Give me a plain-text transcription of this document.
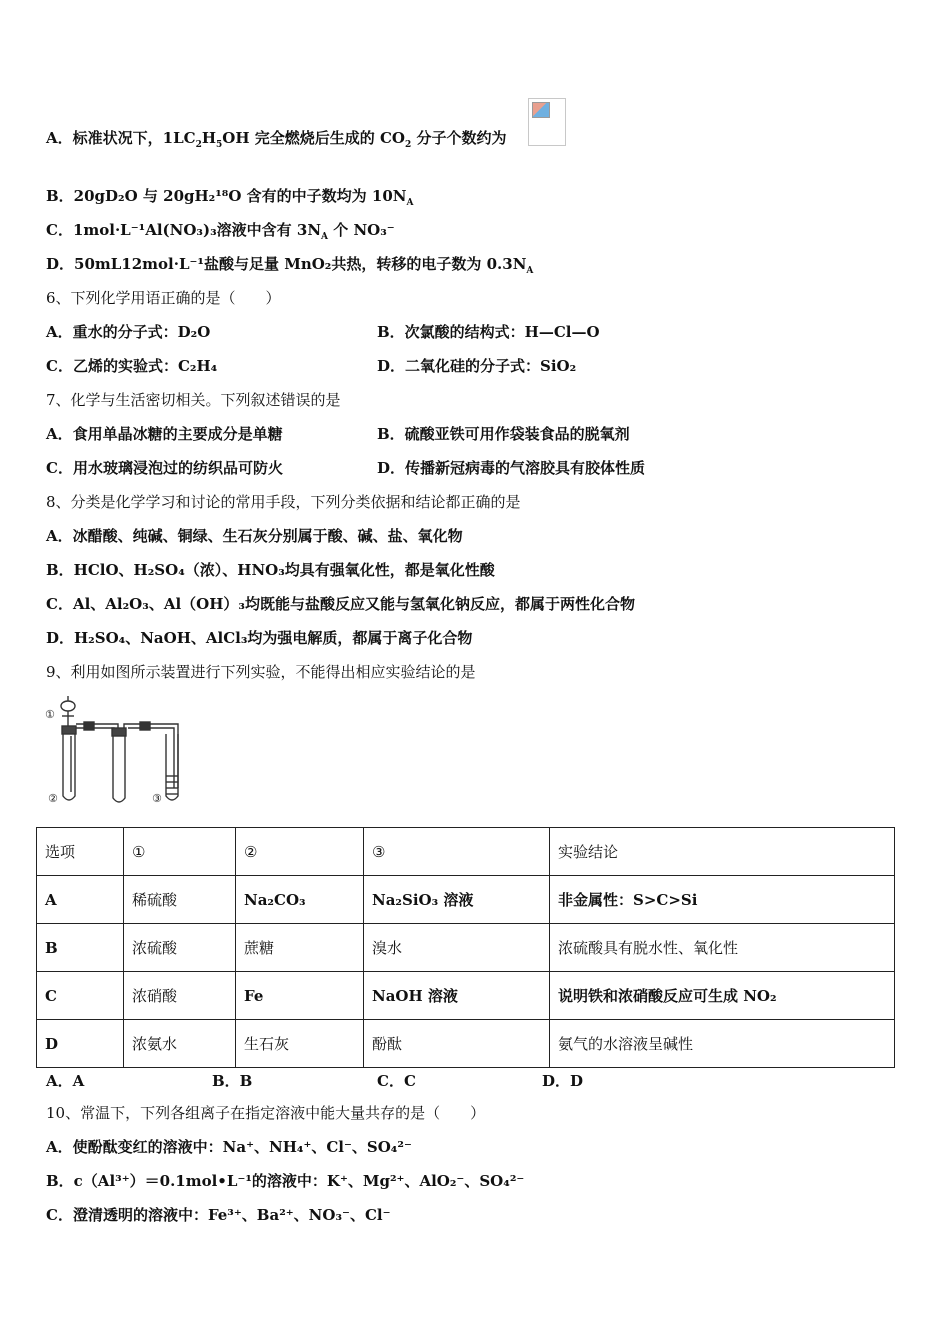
A．标准状况下，$1LC_2H_5OH$ 完全燃烧后生成的 $CO_2$ 分子个数约为
B．20gD₂O 与 20gH₂¹⁸O 含有的中子数均为 $10N_A$
C．1mol·L⁻¹Al(NO₃)₃溶液中含有 $3N_A$ 个 NO₃⁻
D．50mL12mol·L⁻¹盐酸与足量 MnO₂共热，转移的电子数为 $0.3N_A$
6、下列化学用语正确的是（　　）
A．重水的分子式：D₂O	B．次氯酸的结构式：H—Cl—O
C．乙烯的实验式：C₂H₄	D．二氧化硅的分子式：SiO₂
7、化学与生活密切相关。下列叙述错误的是
A．食用单晶冰糖的主要成分是单糖	B．硫酸亚铁可用作袋装食品的脱氧剂
C．用水玻璃浸泡过的纺织品可防火	D．传播新冠病毒的气溶胶具有胶体性质
8、分类是化学学习和讨论的常用手段，下列分类依据和结论都正确的是
A．冰醋酸、纯碱、铜绿、生石灰分别属于酸、碱、盐、氧化物
B．HClO、H₂SO₄（浓）、HNO₃均具有强氧化性，都是氧化性酸
C．Al、Al₂O₃、Al（OH）₃均既能与盐酸反应又能与氢氧化钠反应，都属于两性化合物
D．H₂SO₄、NaOH、AlCl₃均为强电解质，都属于离子化合物
9、利用如图所示装置进行下列实验，不能得出相应实验结论的是
①
②	③
选项	①	②	③	实验结论
A	稀硫酸	Na₂CO₃	Na₂SiO₃ 溶液	非金属性：S>C>Si
B	浓硫酸	蔗糖	溴水	浓硫酸具有脱水性、氧化性
C	浓硝酸	Fe	NaOH 溶液	说明铁和浓硝酸反应可生成 NO₂
D	浓氨水	生石灰	酚酞	氨气的水溶液呈碱性
A．A	B．B	C．C	D．D
10、常温下，下列各组离子在指定溶液中能大量共存的是（　　）
A．使酚酞变红的溶液中：Na⁺、NH₄⁺、Cl⁻、SO₄²⁻
B．c（Al³⁺）＝0.1mol•L⁻¹的溶液中：K⁺、Mg²⁺、AlO₂⁻、SO₄²⁻
C．澄清透明的溶液中：Fe³⁺、Ba²⁺、NO₃⁻、Cl⁻
